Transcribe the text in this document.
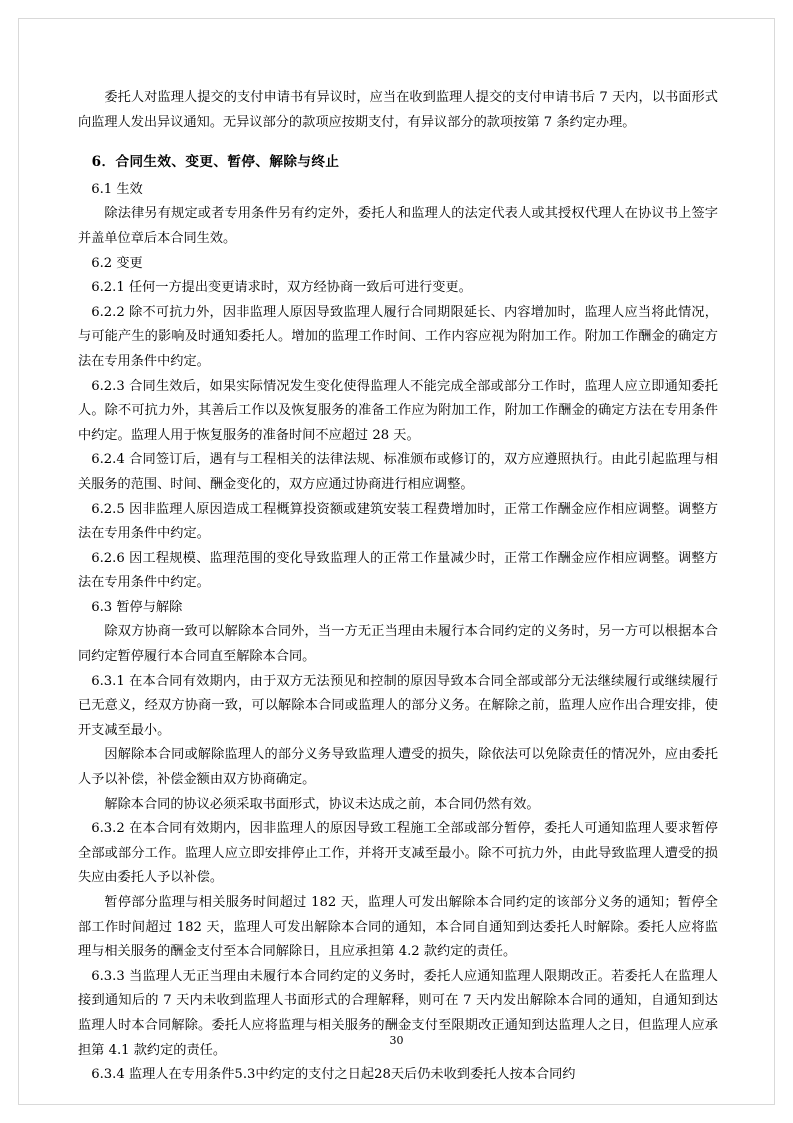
委托人对监理人提交的支付申请书有异议时，应当在收到监理人提交的支付申请书后 7 天内，以书面形式向监理人发出异议通知。无异议部分的款项应按期支付，有异议部分的款项按第 7 条约定办理。

6．合同生效、变更、暂停、解除与终止

6.1 生效

除法律另有规定或者专用条件另有约定外，委托人和监理人的法定代表人或其授权代理人在协议书上签字并盖单位章后本合同生效。

6.2 变更

6.2.1 任何一方提出变更请求时，双方经协商一致后可进行变更。

6.2.2 除不可抗力外，因非监理人原因导致监理人履行合同期限延长、内容增加时，监理人应当将此情况，与可能产生的影响及时通知委托人。增加的监理工作时间、工作内容应视为附加工作。附加工作酬金的确定方法在专用条件中约定。

6.2.3 合同生效后，如果实际情况发生变化使得监理人不能完成全部或部分工作时，监理人应立即通知委托人。除不可抗力外，其善后工作以及恢复服务的准备工作应为附加工作，附加工作酬金的确定方法在专用条件中约定。监理人用于恢复服务的准备时间不应超过 28 天。

6.2.4 合同签订后，遇有与工程相关的法律法规、标准颁布或修订的，双方应遵照执行。由此引起监理与相关服务的范围、时间、酬金变化的，双方应通过协商进行相应调整。

6.2.5 因非监理人原因造成工程概算投资额或建筑安装工程费增加时，正常工作酬金应作相应调整。调整方法在专用条件中约定。

6.2.6 因工程规模、监理范围的变化导致监理人的正常工作量减少时，正常工作酬金应作相应调整。调整方法在专用条件中约定。

6.3 暂停与解除

除双方协商一致可以解除本合同外，当一方无正当理由未履行本合同约定的义务时，另一方可以根据本合同约定暂停履行本合同直至解除本合同。

6.3.1 在本合同有效期内，由于双方无法预见和控制的原因导致本合同全部或部分无法继续履行或继续履行已无意义，经双方协商一致，可以解除本合同或监理人的部分义务。在解除之前，监理人应作出合理安排，使开支减至最小。

因解除本合同或解除监理人的部分义务导致监理人遭受的损失，除依法可以免除责任的情况外，应由委托人予以补偿，补偿金额由双方协商确定。

解除本合同的协议必须采取书面形式，协议未达成之前，本合同仍然有效。

6.3.2 在本合同有效期内，因非监理人的原因导致工程施工全部或部分暂停，委托人可通知监理人要求暂停全部或部分工作。监理人应立即安排停止工作，并将开支减至最小。除不可抗力外，由此导致监理人遭受的损失应由委托人予以补偿。

暂停部分监理与相关服务时间超过 182 天，监理人可发出解除本合同约定的该部分义务的通知；暂停全部工作时间超过 182 天，监理人可发出解除本合同的通知，本合同自通知到达委托人时解除。委托人应将监理与相关服务的酬金支付至本合同解除日，且应承担第 4.2 款约定的责任。

6.3.3 当监理人无正当理由未履行本合同约定的义务时，委托人应通知监理人限期改正。若委托人在监理人接到通知后的 7 天内未收到监理人书面形式的合理解释，则可在 7 天内发出解除本合同的通知，自通知到达监理人时本合同解除。委托人应将监理与相关服务的酬金支付至限期改正通知到达监理人之日，但监理人应承担第 4.1 款约定的责任。

6.3.4 监理人在专用条件5.3中约定的支付之日起28天后仍未收到委托人按本合同约

30
